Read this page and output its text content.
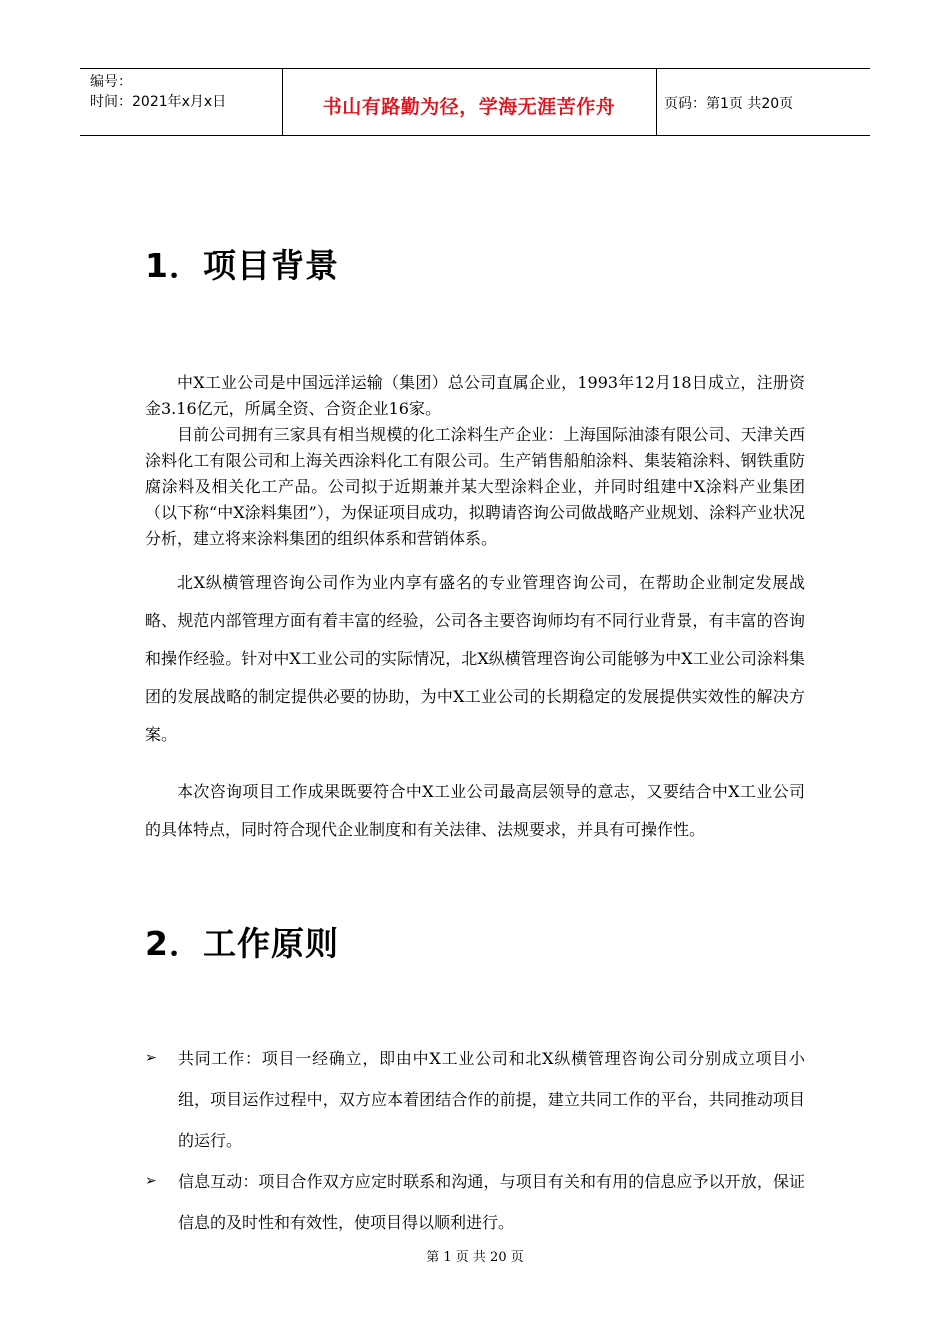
编号：
时间：2021年x月x日	书山有路勤为径，学海无涯苦作舟	页码：第1页 共20页
1．项目背景
中X工业公司是中国远洋运输（集团）总公司直属企业，1993年12月18日成立，注册资金3.16亿元，所属全资、合资企业16家。
目前公司拥有三家具有相当规模的化工涂料生产企业：上海国际油漆有限公司、天津关西涂料化工有限公司和上海关西涂料化工有限公司。生产销售船舶涂料、集装箱涂料、钢铁重防腐涂料及相关化工产品。公司拟于近期兼并某大型涂料企业，并同时组建中X涂料产业集团（以下称“中X涂料集团”），为保证项目成功，拟聘请咨询公司做战略产业规划、涂料产业状况分析，建立将来涂料集团的组织体系和营销体系。
北X纵横管理咨询公司作为业内享有盛名的专业管理咨询公司，在帮助企业制定发展战略、规范内部管理方面有着丰富的经验，公司各主要咨询师均有不同行业背景，有丰富的咨询和操作经验。针对中X工业公司的实际情况，北X纵横管理咨询公司能够为中X工业公司涂料集团的发展战略的制定提供必要的协助，为中X工业公司的长期稳定的发展提供实效性的解决方案。
本次咨询项目工作成果既要符合中X工业公司最高层领导的意志，又要结合中X工业公司的具体特点，同时符合现代企业制度和有关法律、法规要求，并具有可操作性。
2．工作原则
➢	共同工作：项目一经确立，即由中X工业公司和北X纵横管理咨询公司分别成立项目小组，项目运作过程中，双方应本着团结合作的前提，建立共同工作的平台，共同推动项目的运行。
➢	信息互动：项目合作双方应定时联系和沟通，与项目有关和有用的信息应予以开放，保证信息的及时性和有效性，使项目得以顺利进行。
第 1 页 共 20 页
